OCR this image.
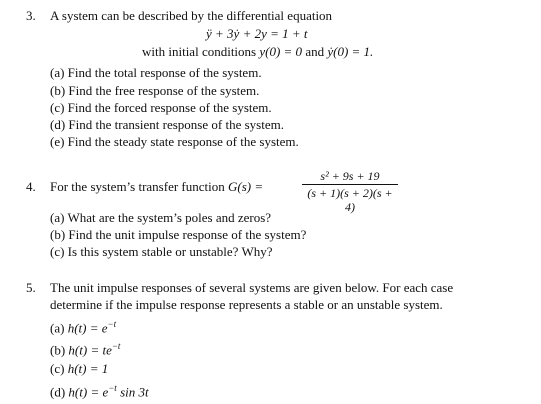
3. A system can be described by the differential equation
ÿ + 3ẏ + 2y = 1 + t
with initial conditions y(0) = 0 and ẏ(0) = 1.
(a) Find the total response of the system.
(b) Find the free response of the system.
(c) Find the forced response of the system.
(d) Find the transient response of the system.
(e) Find the steady state response of the system.
4. For the system’s transfer function G(s) =
s² + 9s + 19
(s + 1)(s + 2)(s + 4)
(a) What are the system’s poles and zeros?
(b) Find the unit impulse response of the system?
(c) Is this system stable or unstable? Why?
5. The unit impulse responses of several systems are given below. For each case
determine if the impulse response represents a stable or an unstable system.
(a) $h(t) = e^{-t}$
(b) $h(t) = te^{-t}$
(c) h(t) = 1
(d) $h(t) = e^{-t}$ sin 3t
